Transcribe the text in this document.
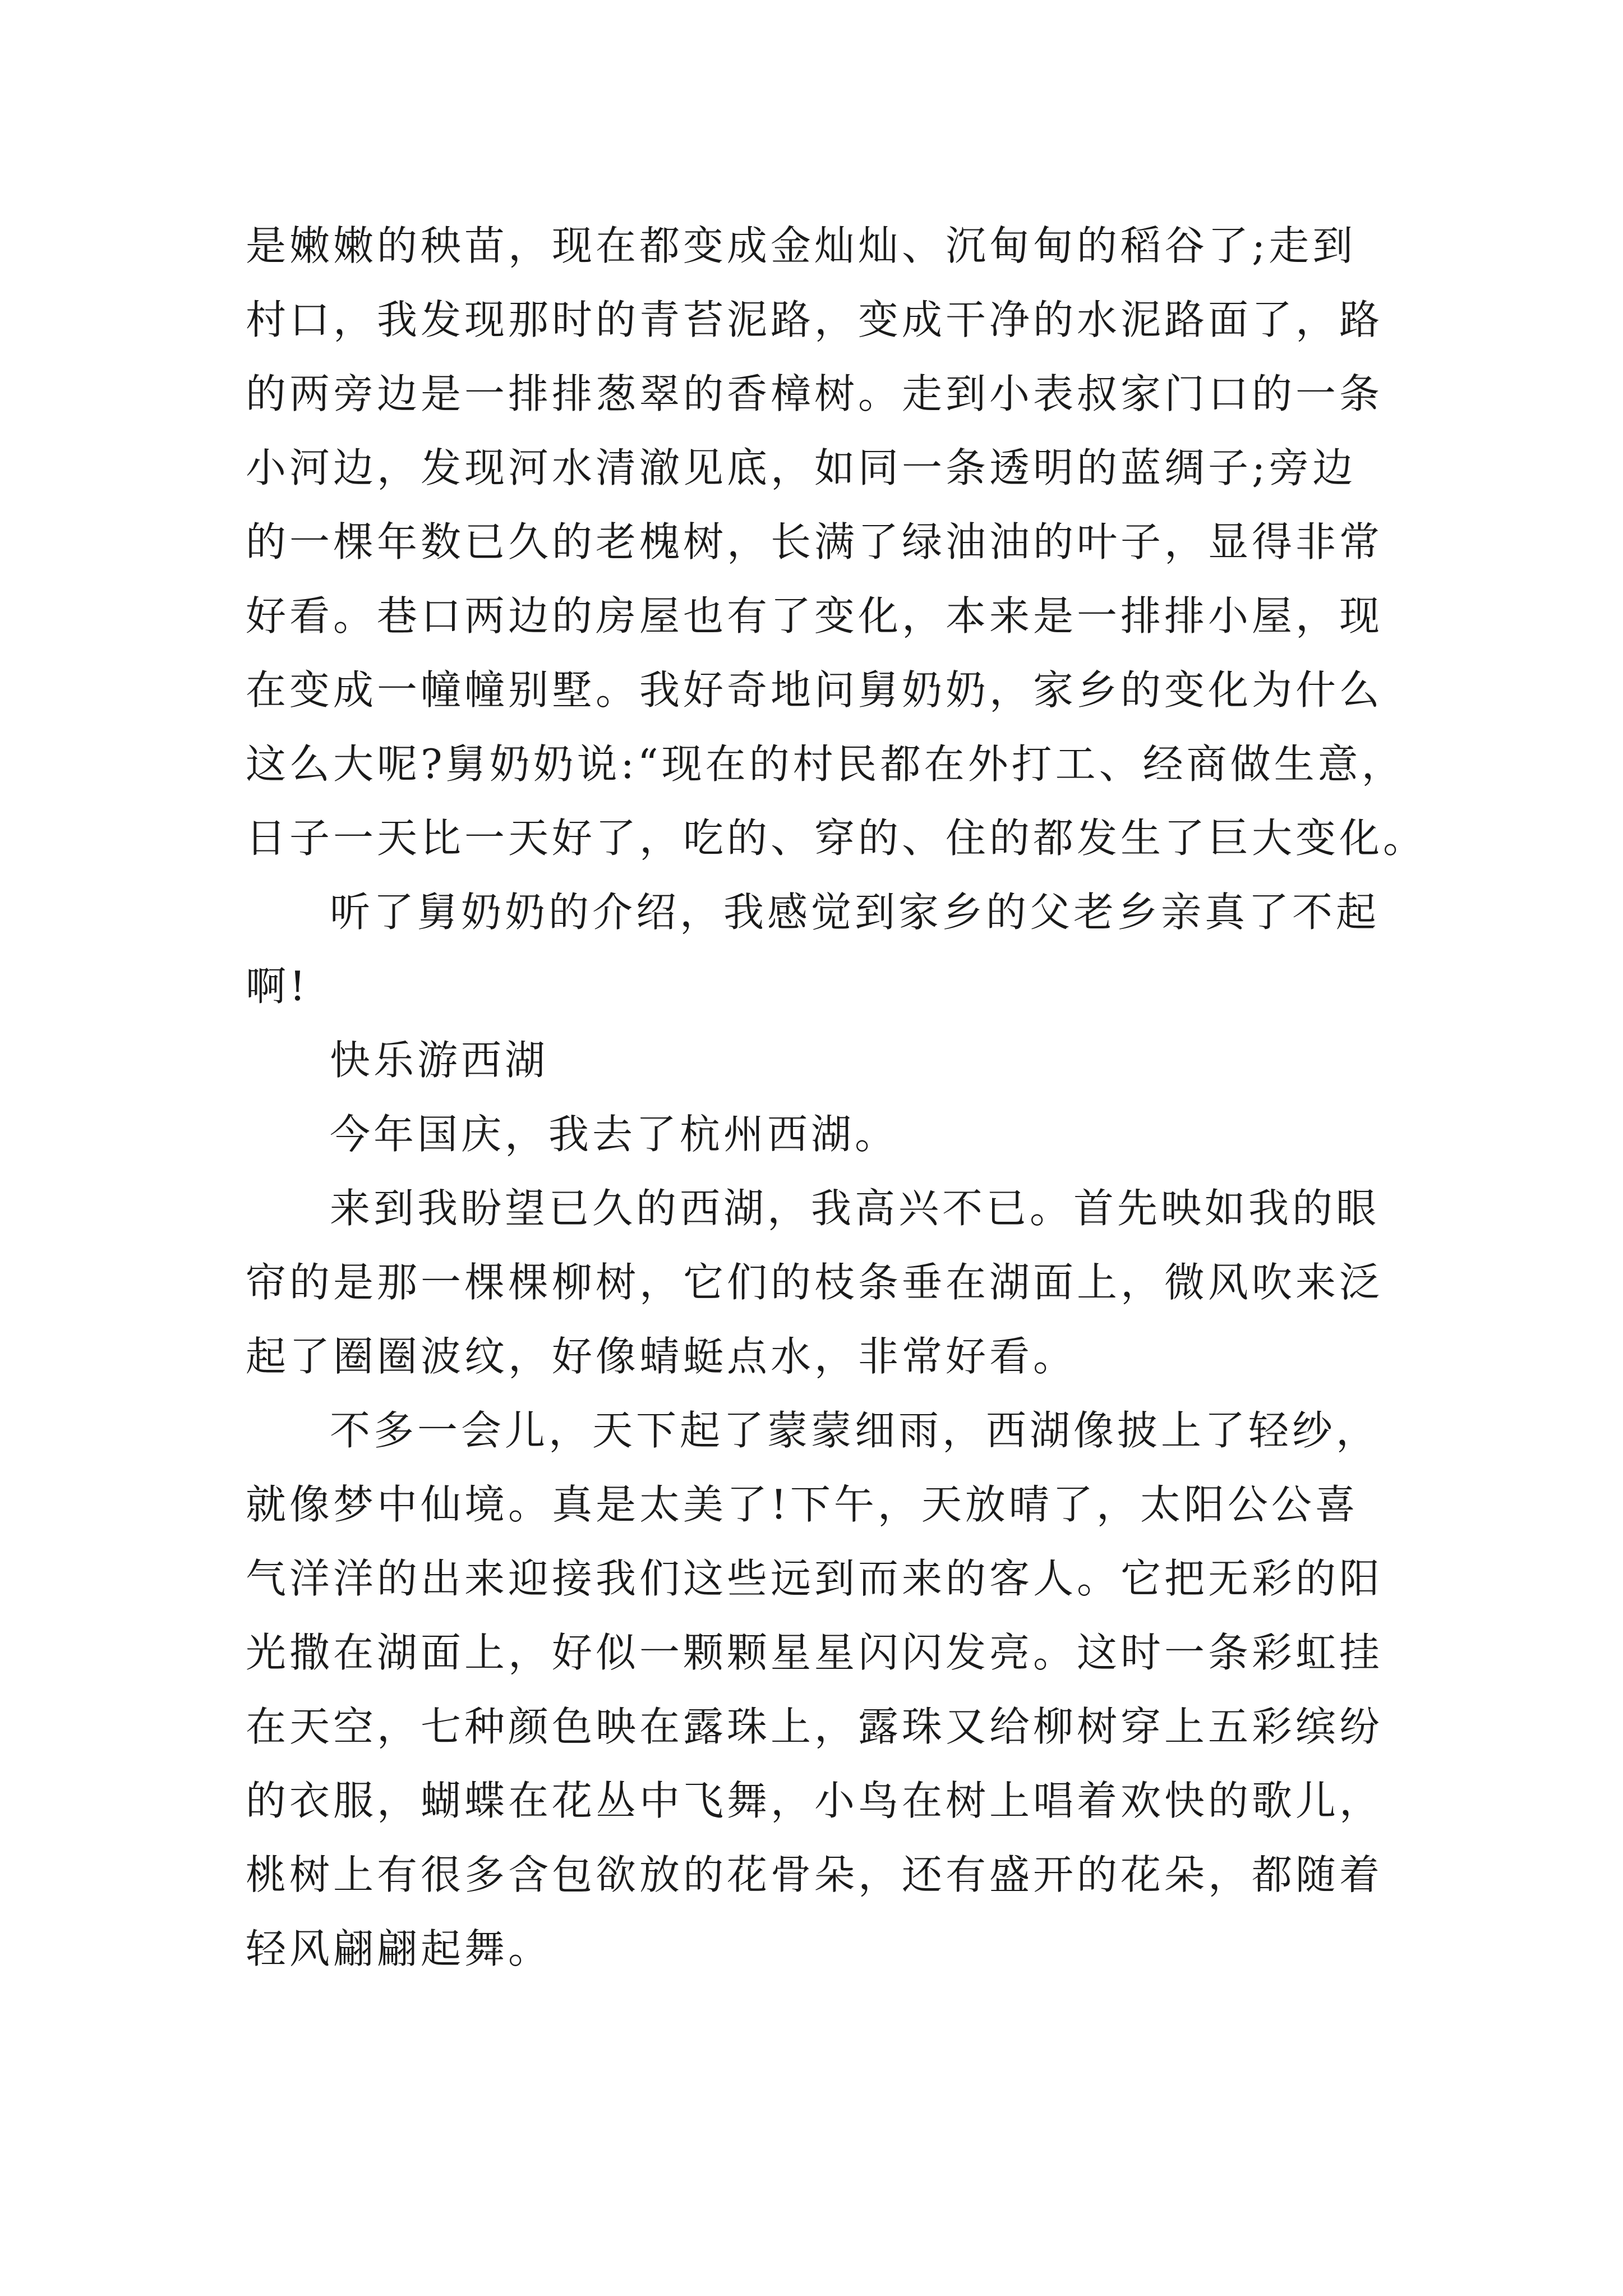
是嫩嫩的秧苗，现在都变成金灿灿、沉甸甸的稻谷了;走到
村口，我发现那时的青苔泥路，变成干净的水泥路面了，路
的两旁边是一排排葱翠的香樟树。走到小表叔家门口的一条
小河边，发现河水清澈见底，如同一条透明的蓝绸子;旁边
的一棵年数已久的老槐树，长满了绿油油的叶子，显得非常
好看。巷口两边的房屋也有了变化，本来是一排排小屋，现
在变成一幢幢别墅。我好奇地问舅奶奶，家乡的变化为什么
这么大呢?舅奶奶说:“现在的村民都在外打工、经商做生意，
日子一天比一天好了，吃的、穿的、住的都发生了巨大变化。
听了舅奶奶的介绍，我感觉到家乡的父老乡亲真了不起
啊!
快乐游西湖
今年国庆，我去了杭州西湖。
来到我盼望已久的西湖，我高兴不已。首先映如我的眼
帘的是那一棵棵柳树，它们的枝条垂在湖面上，微风吹来泛
起了圈圈波纹，好像蜻蜓点水，非常好看。
不多一会儿，天下起了蒙蒙细雨，西湖像披上了轻纱，
就像梦中仙境。真是太美了!下午，天放晴了，太阳公公喜
气洋洋的出来迎接我们这些远到而来的客人。它把无彩的阳
光撒在湖面上，好似一颗颗星星闪闪发亮。这时一条彩虹挂
在天空，七种颜色映在露珠上，露珠又给柳树穿上五彩缤纷
的衣服，蝴蝶在花丛中飞舞，小鸟在树上唱着欢快的歌儿，
桃树上有很多含包欲放的花骨朵，还有盛开的花朵，都随着
轻风翩翩起舞。
